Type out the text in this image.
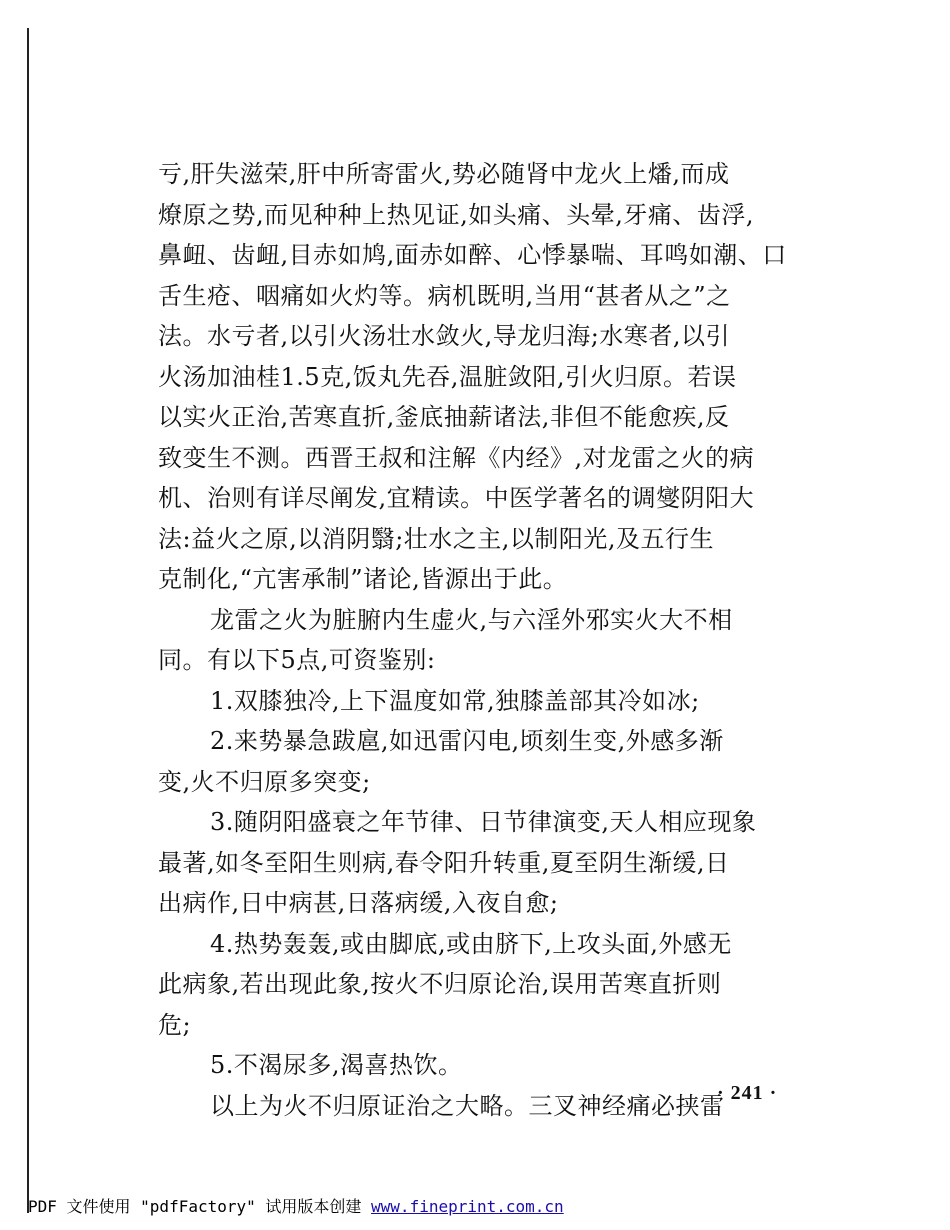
亏,肝失滋荣,肝中所寄雷火,势必随肾中龙火上燔,而成
燎原之势,而见种种上热见证,如头痛、头晕,牙痛、齿浮,
鼻衄、齿衄,目赤如鸠,面赤如醉、心悸暴喘、耳鸣如潮、口
舌生疮、咽痛如火灼等。病机既明,当用“甚者从之”之
法。水亏者,以引火汤壮水敛火,导龙归海;水寒者,以引
火汤加油桂1.5克,饭丸先吞,温脏敛阳,引火归原。若误
以实火正治,苦寒直折,釜底抽薪诸法,非但不能愈疾,反
致变生不测。西晋王叔和注解《内经》,对龙雷之火的病
机、治则有详尽阐发,宜精读。中医学著名的调燮阴阳大
法:益火之原,以消阴翳;壮水之主,以制阳光,及五行生
克制化,“亢害承制”诸论,皆源出于此。
龙雷之火为脏腑内生虚火,与六淫外邪实火大不相
同。有以下5点,可资鉴别:
1.双膝独冷,上下温度如常,独膝盖部其冷如冰;
2.来势暴急跋扈,如迅雷闪电,顷刻生变,外感多渐
变,火不归原多突变;
3.随阴阳盛衰之年节律、日节律演变,天人相应现象
最著,如冬至阳生则病,春令阳升转重,夏至阴生渐缓,日
出病作,日中病甚,日落病缓,入夜自愈;
4.热势轰轰,或由脚底,或由脐下,上攻头面,外感无
此病象,若出现此象,按火不归原论治,误用苦寒直折则
危;
5.不渴尿多,渴喜热饮。
以上为火不归原证治之大略。三叉神经痛必挟雷
· 241 ·
PDF 文件使用 "pdfFactory" 试用版本创建 www.fineprint.com.cn
